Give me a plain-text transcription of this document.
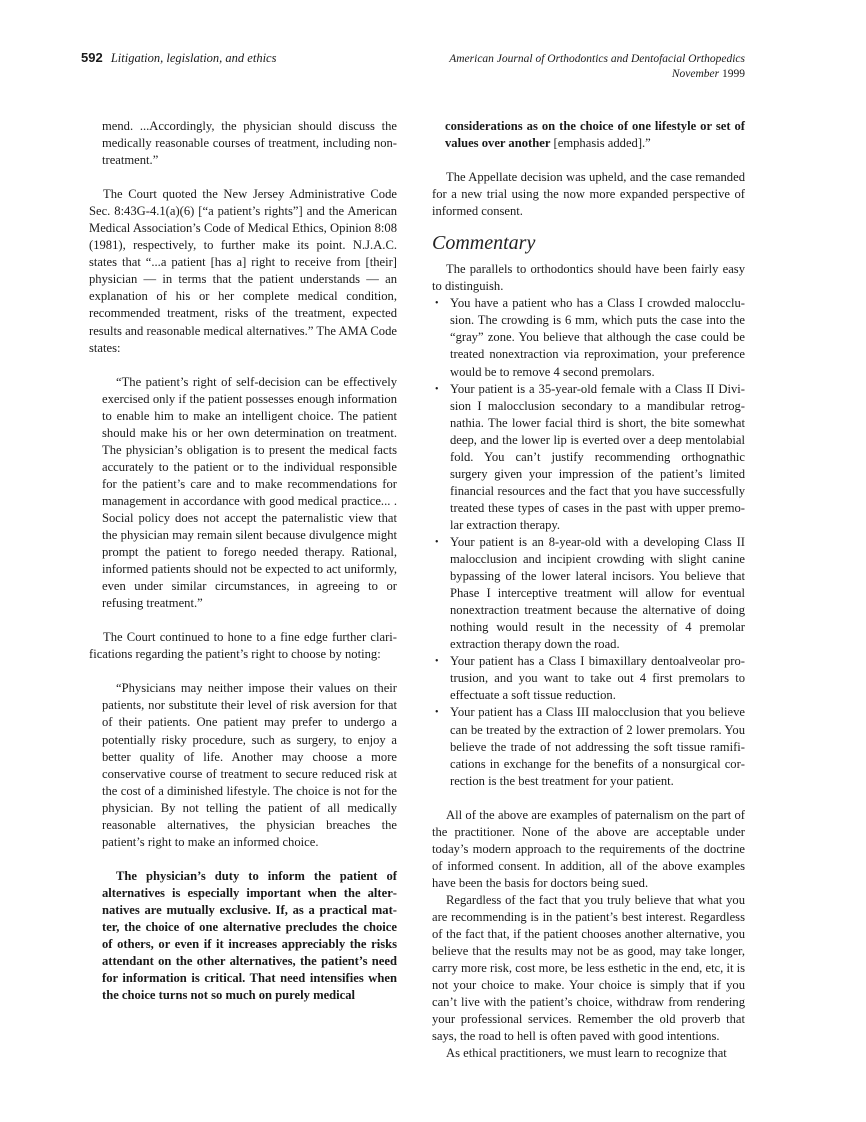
592 Litigation, legislation, and ethics	American Journal of Orthodontics and Dentofacial Orthopedics
November 1999

mend. ...Accordingly, the physician should discuss the medically reasonable courses of treatment, including non-treatment.”

The Court quoted the New Jersey Administrative Code Sec. 8:43G-4.1(a)(6) [“a patient’s rights”] and the American Medical Association’s Code of Medical Ethics, Opinion 8:08 (1981), respectively, to further make its point. N.J.A.C. states that “...a patient [has a] right to receive from [their] physician — in terms that the patient understands — an explanation of his or her complete medical condition, recommended treatment, risks of the treatment, expected results and reasonable medical alternatives.” The AMA Code states:

“The patient’s right of self-decision can be effectively exercised only if the patient possesses enough information to enable him to make an intelligent choice. The patient should make his or her own determination on treatment. The physician’s obligation is to present the medical facts accurately to the patient or to the individual responsible for the patient’s care and to make recommendations for management in accordance with good medical practice... . Social policy does not accept the paternalistic view that the physician may remain silent because divulgence might prompt the patient to forego needed therapy. Rational, informed patients should not be expected to act uniformly, even under similar circumstances, in agreeing to or refusing treatment.”

The Court continued to hone to a fine edge further clarifications regarding the patient’s right to choose by noting:

“Physicians may neither impose their values on their patients, nor substitute their level of risk aversion for that of their patients. One patient may prefer to undergo a potentially risky procedure, such as surgery, to enjoy a better quality of life. Another may choose a more conservative course of treatment to secure reduced risk at the cost of a diminished lifestyle. The choice is not for the physician. By not telling the patient of all medically reasonable alternatives, the physician breaches the patient’s right to make an informed choice.

The physician’s duty to inform the patient of alternatives is especially important when the alternatives are mutually exclusive. If, as a practical matter, the choice of one alternative precludes the choice of others, or even if it increases appreciably the risks attendant on the other alternatives, the patient’s need for information is critical. That need intensifies when the choice turns not so much on purely medical

considerations as on the choice of one lifestyle or set of values over another [emphasis added].”

The Appellate decision was upheld, and the case remanded for a new trial using the now more expanded perspective of informed consent.

Commentary

The parallels to orthodontics should have been fairly easy to distinguish.

• You have a patient who has a Class I crowded malocclusion. The crowding is 6 mm, which puts the case into the “gray” zone. You believe that although the case could be treated nonextraction via reproximation, your preference would be to remove 4 second premolars.
• Your patient is a 35-year-old female with a Class II Division I malocclusion secondary to a mandibular retrognathia. The lower facial third is short, the bite somewhat deep, and the lower lip is everted over a deep mentolabial fold. You can’t justify recommending orthognathic surgery given your impression of the patient’s limited financial resources and the fact that you have successfully treated these types of cases in the past with upper premolar extraction therapy.
• Your patient is an 8-year-old with a developing Class II malocclusion and incipient crowding with slight canine bypassing of the lower lateral incisors. You believe that Phase I interceptive treatment will allow for eventual nonextraction treatment because the alternative of doing nothing would result in the necessity of 4 premolar extraction therapy down the road.
• Your patient has a Class I bimaxillary dentoalveolar protrusion, and you want to take out 4 first premolars to effectuate a soft tissue reduction.
• Your patient has a Class III malocclusion that you believe can be treated by the extraction of 2 lower premolars. You believe the trade of not addressing the soft tissue ramifications in exchange for the benefits of a nonsurgical correction is the best treatment for your patient.

All of the above are examples of paternalism on the part of the practitioner. None of the above are acceptable under today’s modern approach to the requirements of the doctrine of informed consent. In addition, all of the above examples have been the basis for doctors being sued.

Regardless of the fact that you truly believe that what you are recommending is in the patient’s best interest. Regardless of the fact that, if the patient chooses another alternative, you believe that the results may not be as good, may take longer, carry more risk, cost more, be less esthetic in the end, etc, it is not your choice to make. Your choice is simply that if you can’t live with the patient’s choice, withdraw from rendering your professional services. Remember the old proverb that says, the road to hell is often paved with good intentions.

As ethical practitioners, we must learn to recognize that
